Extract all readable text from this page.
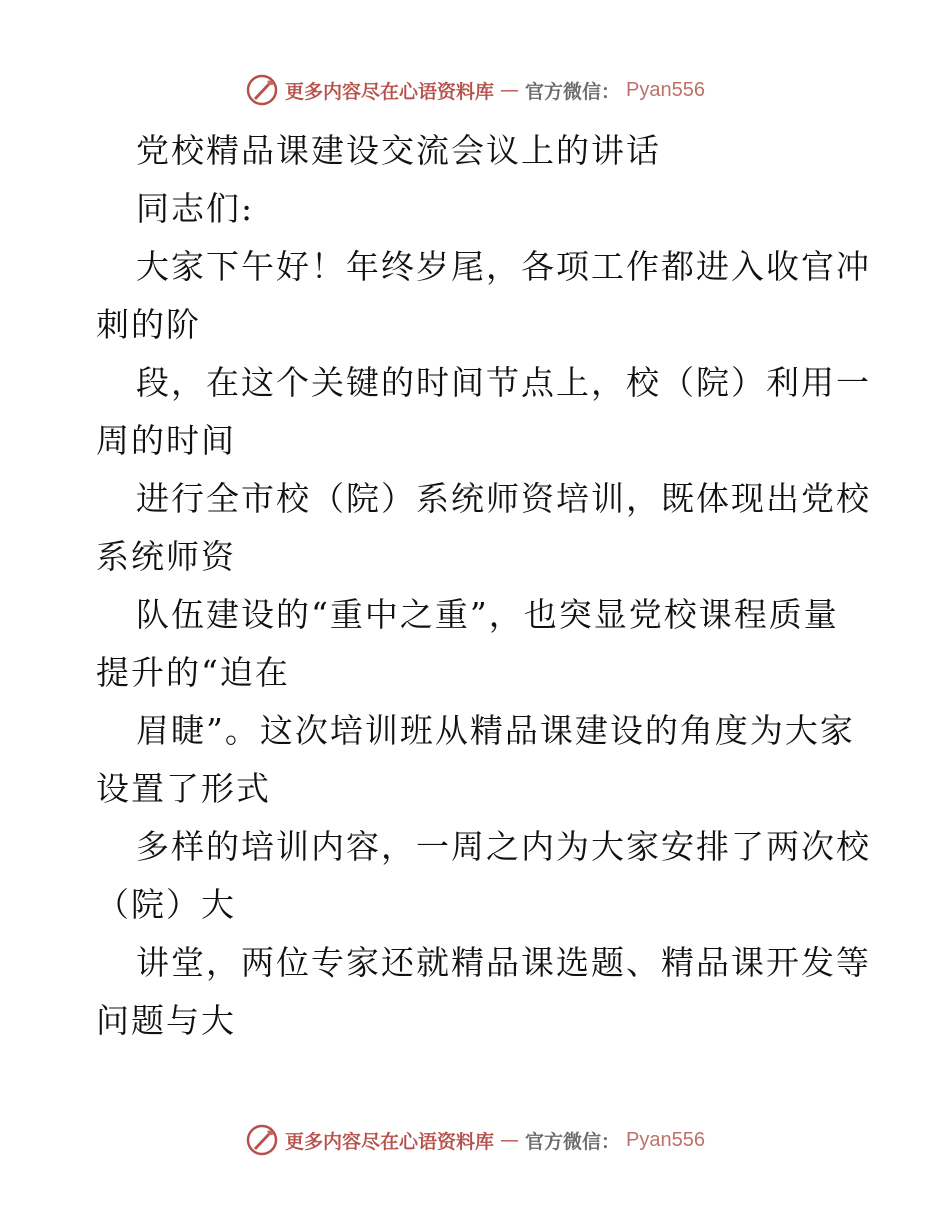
更多内容尽在心语资料库 — 官方微信： Pyan556

党校精品课建设交流会议上的讲话

同志们:

大家下午好！年终岁尾，各项工作都进入收官冲

刺的阶

段，在这个关键的时间节点上，校（院）利用一

周的时间

进行全市校（院）系统师资培训，既体现出党校

系统师资

队伍建设的“重中之重”，也突显党校课程质量

提升的“迫在

眉睫”。这次培训班从精品课建设的角度为大家

设置了形式

多样的培训内容，一周之内为大家安排了两次校

（院）大

讲堂，两位专家还就精品课选题、精品课开发等

问题与大

更多内容尽在心语资料库 — 官方微信： Pyan556
